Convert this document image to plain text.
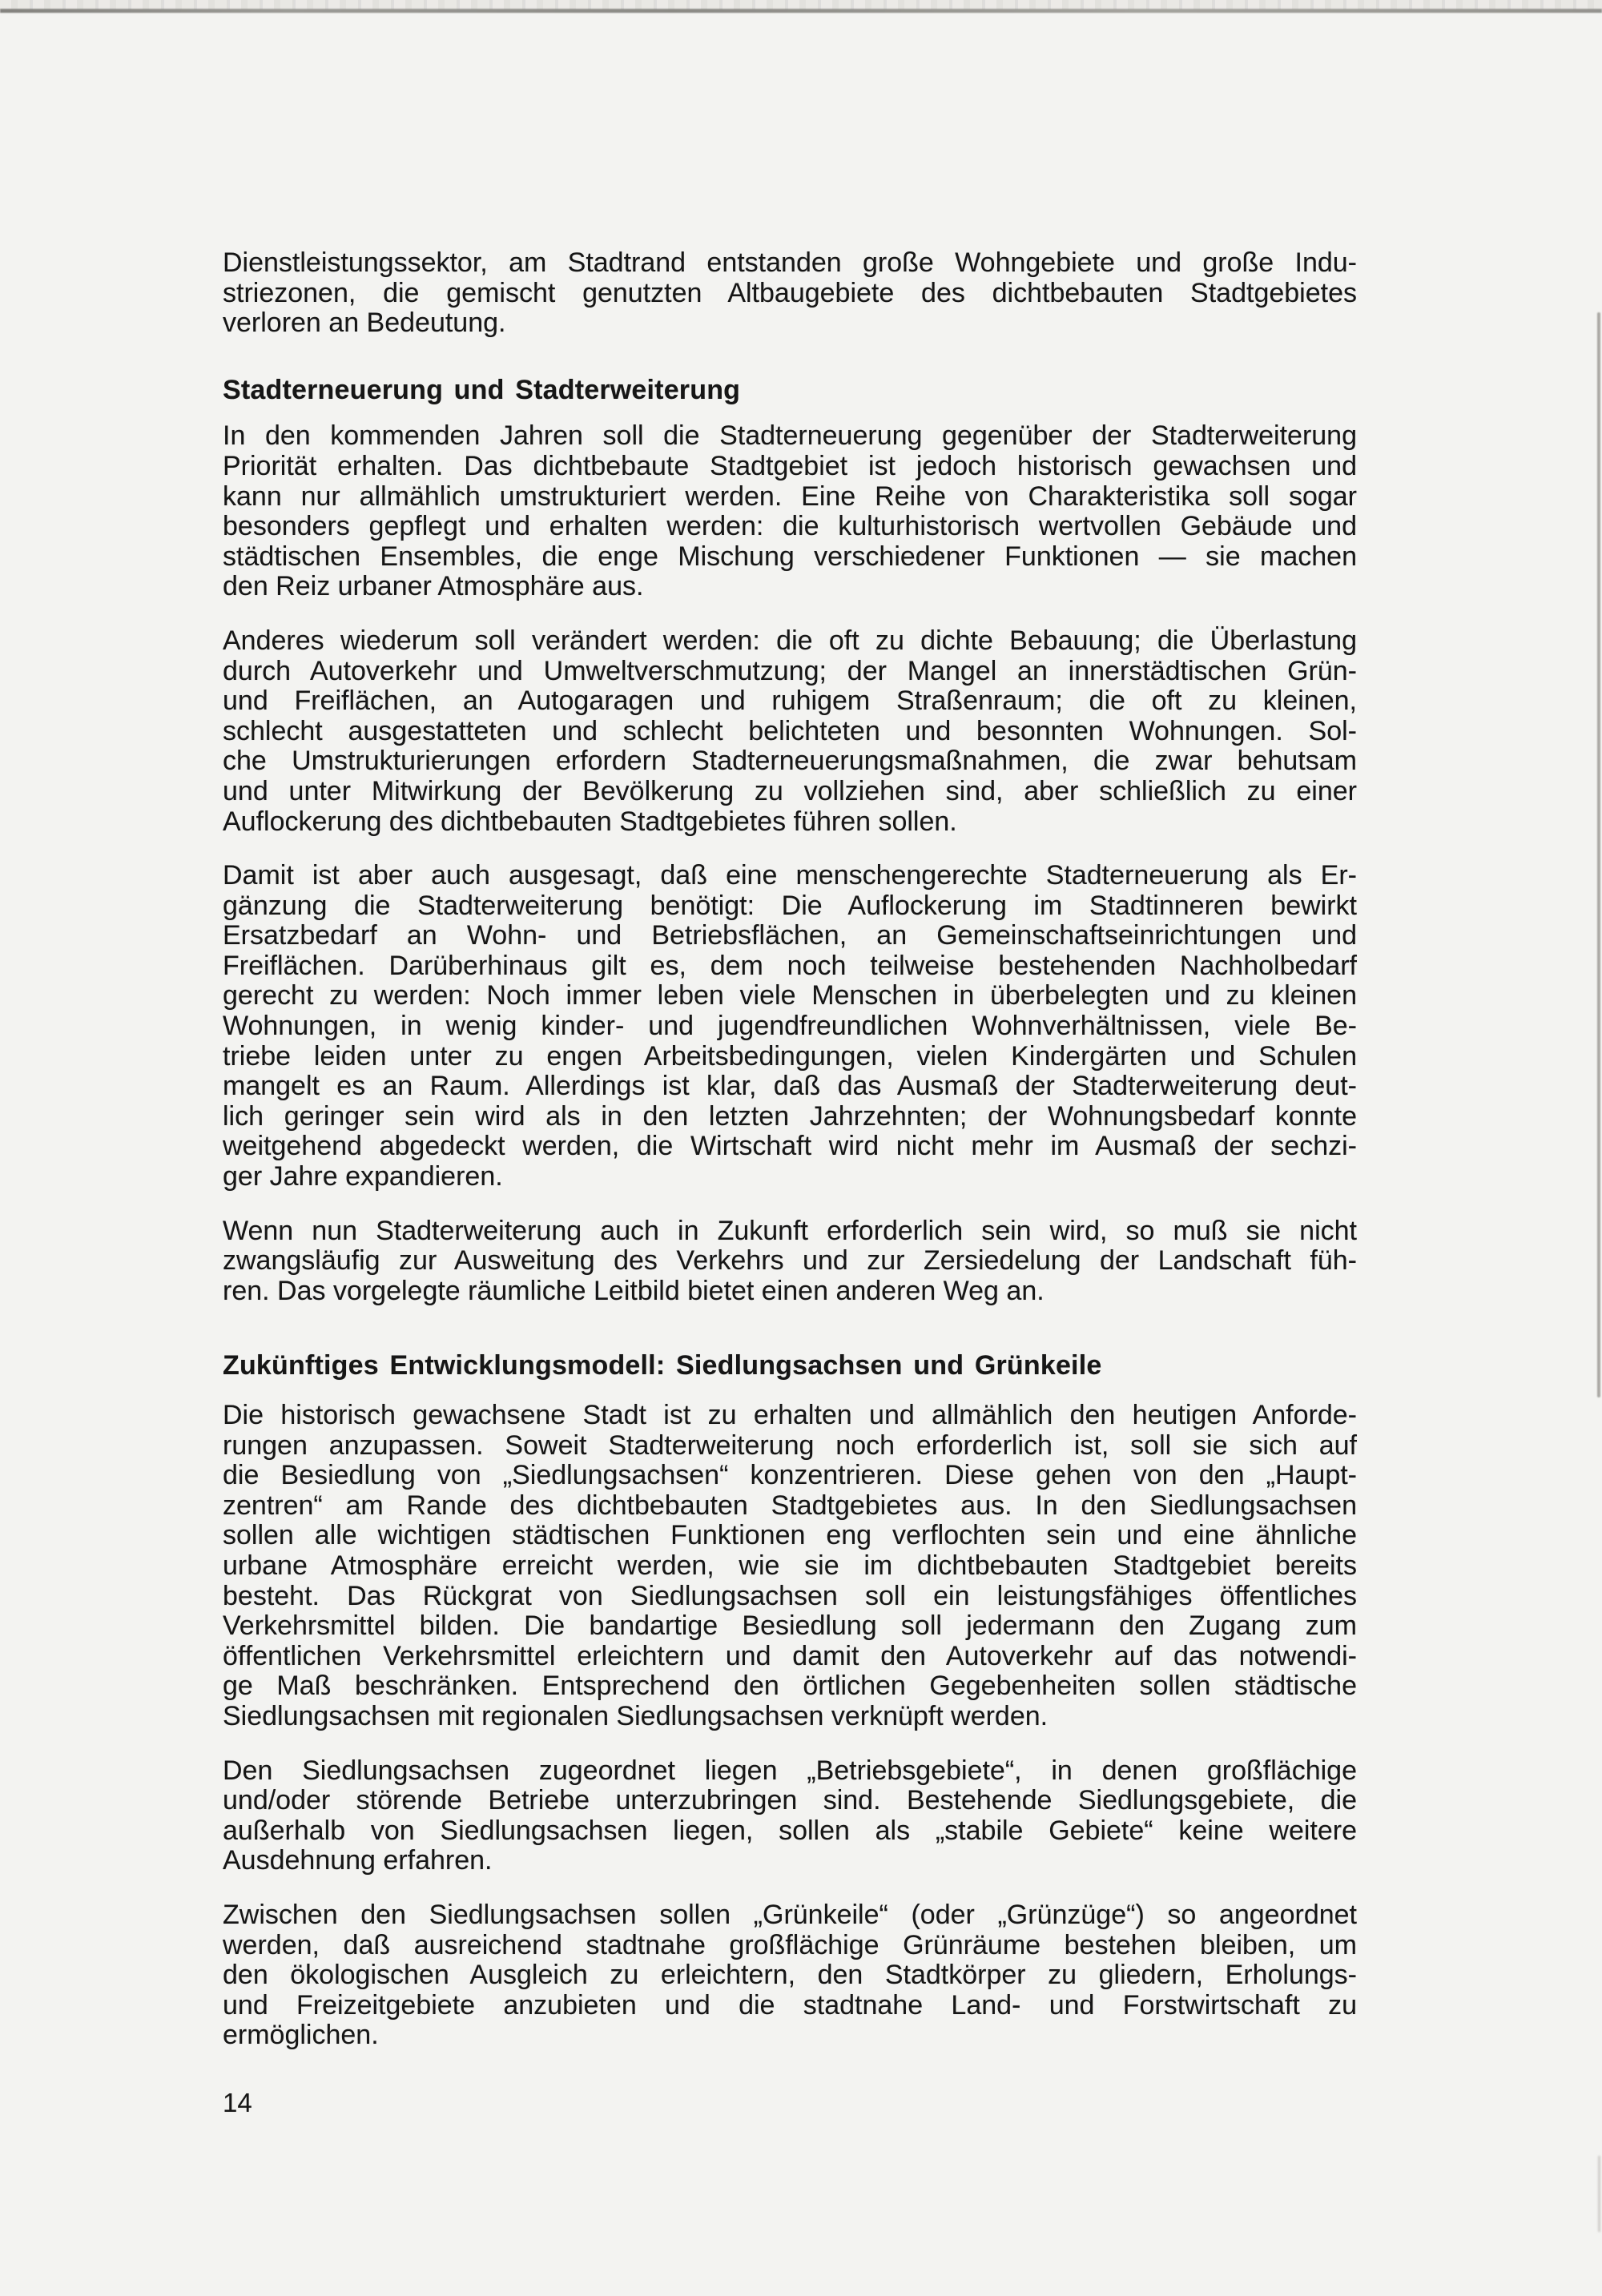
Dienstleistungssektor, am Stadtrand entstanden große Wohngebiete und große Indu-
striezonen, die gemischt genutzten Altbaugebiete des dichtbebauten Stadtgebietes
verloren an Bedeutung.
Stadterneuerung und Stadterweiterung
In den kommenden Jahren soll die Stadterneuerung gegenüber der Stadterweiterung
Priorität erhalten. Das dichtbebaute Stadtgebiet ist jedoch historisch gewachsen und
kann nur allmählich umstrukturiert werden. Eine Reihe von Charakteristika soll sogar
besonders gepflegt und erhalten werden: die kulturhistorisch wertvollen Gebäude und
städtischen Ensembles, die enge Mischung verschiedener Funktionen — sie machen
den Reiz urbaner Atmosphäre aus.
Anderes wiederum soll verändert werden: die oft zu dichte Bebauung; die Überlastung
durch Autoverkehr und Umweltverschmutzung; der Mangel an innerstädtischen Grün-
und Freiflächen, an Autogaragen und ruhigem Straßenraum; die oft zu kleinen,
schlecht ausgestatteten und schlecht belichteten und besonnten Wohnungen. Sol-
che Umstrukturierungen erfordern Stadterneuerungsmaßnahmen, die zwar behutsam
und unter Mitwirkung der Bevölkerung zu vollziehen sind, aber schließlich zu einer
Auflockerung des dichtbebauten Stadtgebietes führen sollen.
Damit ist aber auch ausgesagt, daß eine menschengerechte Stadterneuerung als Er-
gänzung die Stadterweiterung benötigt: Die Auflockerung im Stadtinneren bewirkt
Ersatzbedarf an Wohn- und Betriebsflächen, an Gemeinschaftseinrichtungen und
Freiflächen. Darüberhinaus gilt es, dem noch teilweise bestehenden Nachholbedarf
gerecht zu werden: Noch immer leben viele Menschen in überbelegten und zu kleinen
Wohnungen, in wenig kinder- und jugendfreundlichen Wohnverhältnissen, viele Be-
triebe leiden unter zu engen Arbeitsbedingungen, vielen Kindergärten und Schulen
mangelt es an Raum. Allerdings ist klar, daß das Ausmaß der Stadterweiterung deut-
lich geringer sein wird als in den letzten Jahrzehnten; der Wohnungsbedarf konnte
weitgehend abgedeckt werden, die Wirtschaft wird nicht mehr im Ausmaß der sechzi-
ger Jahre expandieren.
Wenn nun Stadterweiterung auch in Zukunft erforderlich sein wird, so muß sie nicht
zwangsläufig zur Ausweitung des Verkehrs und zur Zersiedelung der Landschaft füh-
ren. Das vorgelegte räumliche Leitbild bietet einen anderen Weg an.
Zukünftiges Entwicklungsmodell: Siedlungsachsen und Grünkeile
Die historisch gewachsene Stadt ist zu erhalten und allmählich den heutigen Anforde-
rungen anzupassen. Soweit Stadterweiterung noch erforderlich ist, soll sie sich auf
die Besiedlung von „Siedlungsachsen“ konzentrieren. Diese gehen von den „Haupt-
zentren“ am Rande des dichtbebauten Stadtgebietes aus. In den Siedlungsachsen
sollen alle wichtigen städtischen Funktionen eng verflochten sein und eine ähnliche
urbane Atmosphäre erreicht werden, wie sie im dichtbebauten Stadtgebiet bereits
besteht. Das Rückgrat von Siedlungsachsen soll ein leistungsfähiges öffentliches
Verkehrsmittel bilden. Die bandartige Besiedlung soll jedermann den Zugang zum
öffentlichen Verkehrsmittel erleichtern und damit den Autoverkehr auf das notwendi-
ge Maß beschränken. Entsprechend den örtlichen Gegebenheiten sollen städtische
Siedlungsachsen mit regionalen Siedlungsachsen verknüpft werden.
Den Siedlungsachsen zugeordnet liegen „Betriebsgebiete“, in denen großflächige
und/oder störende Betriebe unterzubringen sind. Bestehende Siedlungsgebiete, die
außerhalb von Siedlungsachsen liegen, sollen als „stabile Gebiete“ keine weitere
Ausdehnung erfahren.
Zwischen den Siedlungsachsen sollen „Grünkeile“ (oder „Grünzüge“) so angeordnet
werden, daß ausreichend stadtnahe großflächige Grünräume bestehen bleiben, um
den ökologischen Ausgleich zu erleichtern, den Stadtkörper zu gliedern, Erholungs-
und Freizeitgebiete anzubieten und die stadtnahe Land- und Forstwirtschaft zu
ermöglichen.
14
